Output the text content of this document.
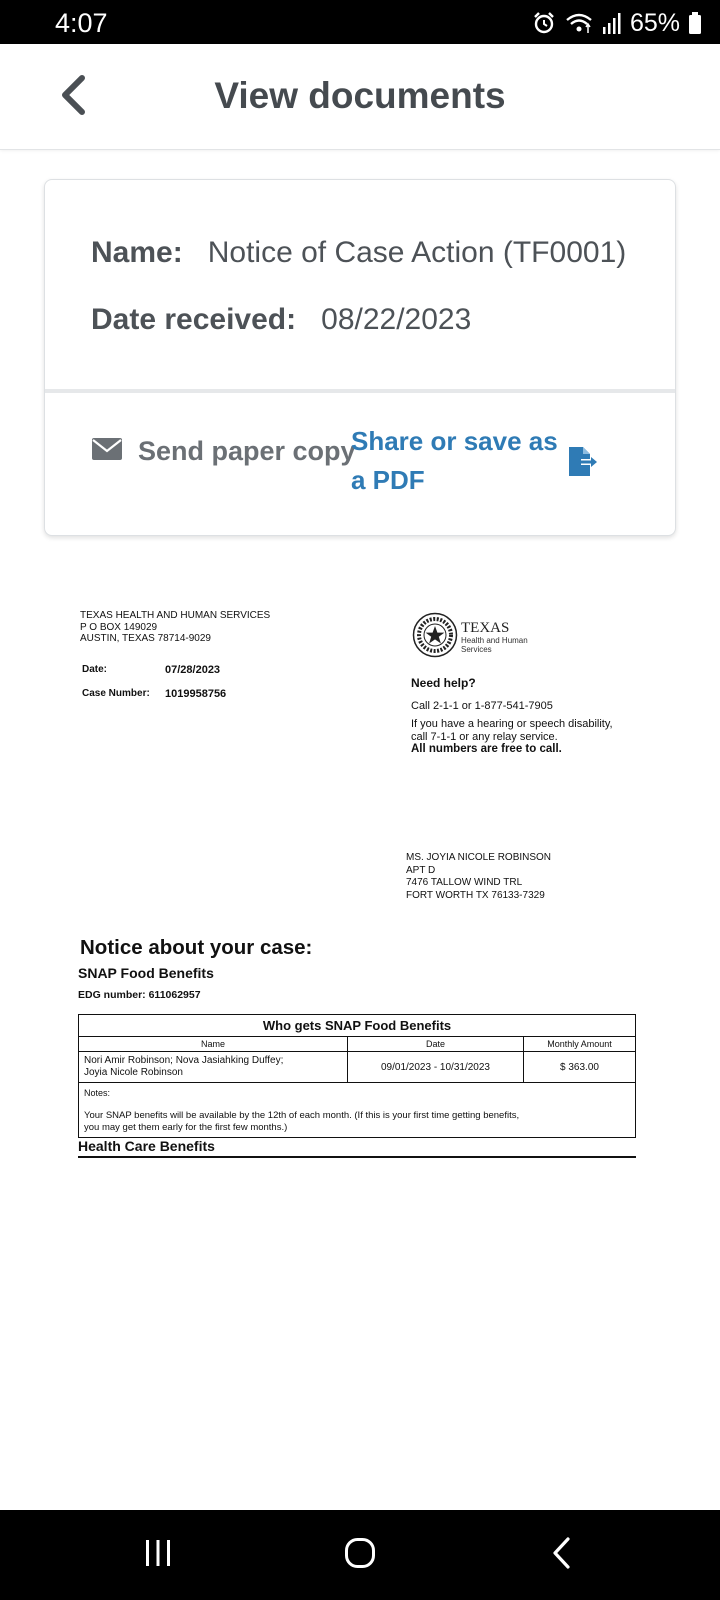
4:07	65%
View documents
Name: Notice of Case Action (TF0001)
Date received: 08/22/2023
Send paper copy
Share or save as a PDF
TEXAS HEALTH AND HUMAN SERVICES
P O BOX 149029
AUSTIN, TEXAS 78714-9029
TEXAS
Health and Human
Services
Date:	07/28/2023
Case Number:	1019958756
Need help?
Call 2-1-1 or 1-877-541-7905
If you have a hearing or speech disability,
call 7-1-1 or any relay service.
All numbers are free to call.
MS. JOYIA NICOLE ROBINSON
APT D
7476 TALLOW WIND TRL
FORT WORTH TX 76133-7329
Notice about your case:
SNAP Food Benefits
EDG number: 611062957
Who gets SNAP Food Benefits
Name	Date	Monthly Amount
Nori Amir Robinson; Nova Jasiahking Duffey;
Joyia Nicole Robinson	09/01/2023 - 10/31/2023	$ 363.00
Notes:
Your SNAP benefits will be available by the 12th of each month. (If this is your first time getting benefits,
you may get them early for the first few months.)
Health Care Benefits
